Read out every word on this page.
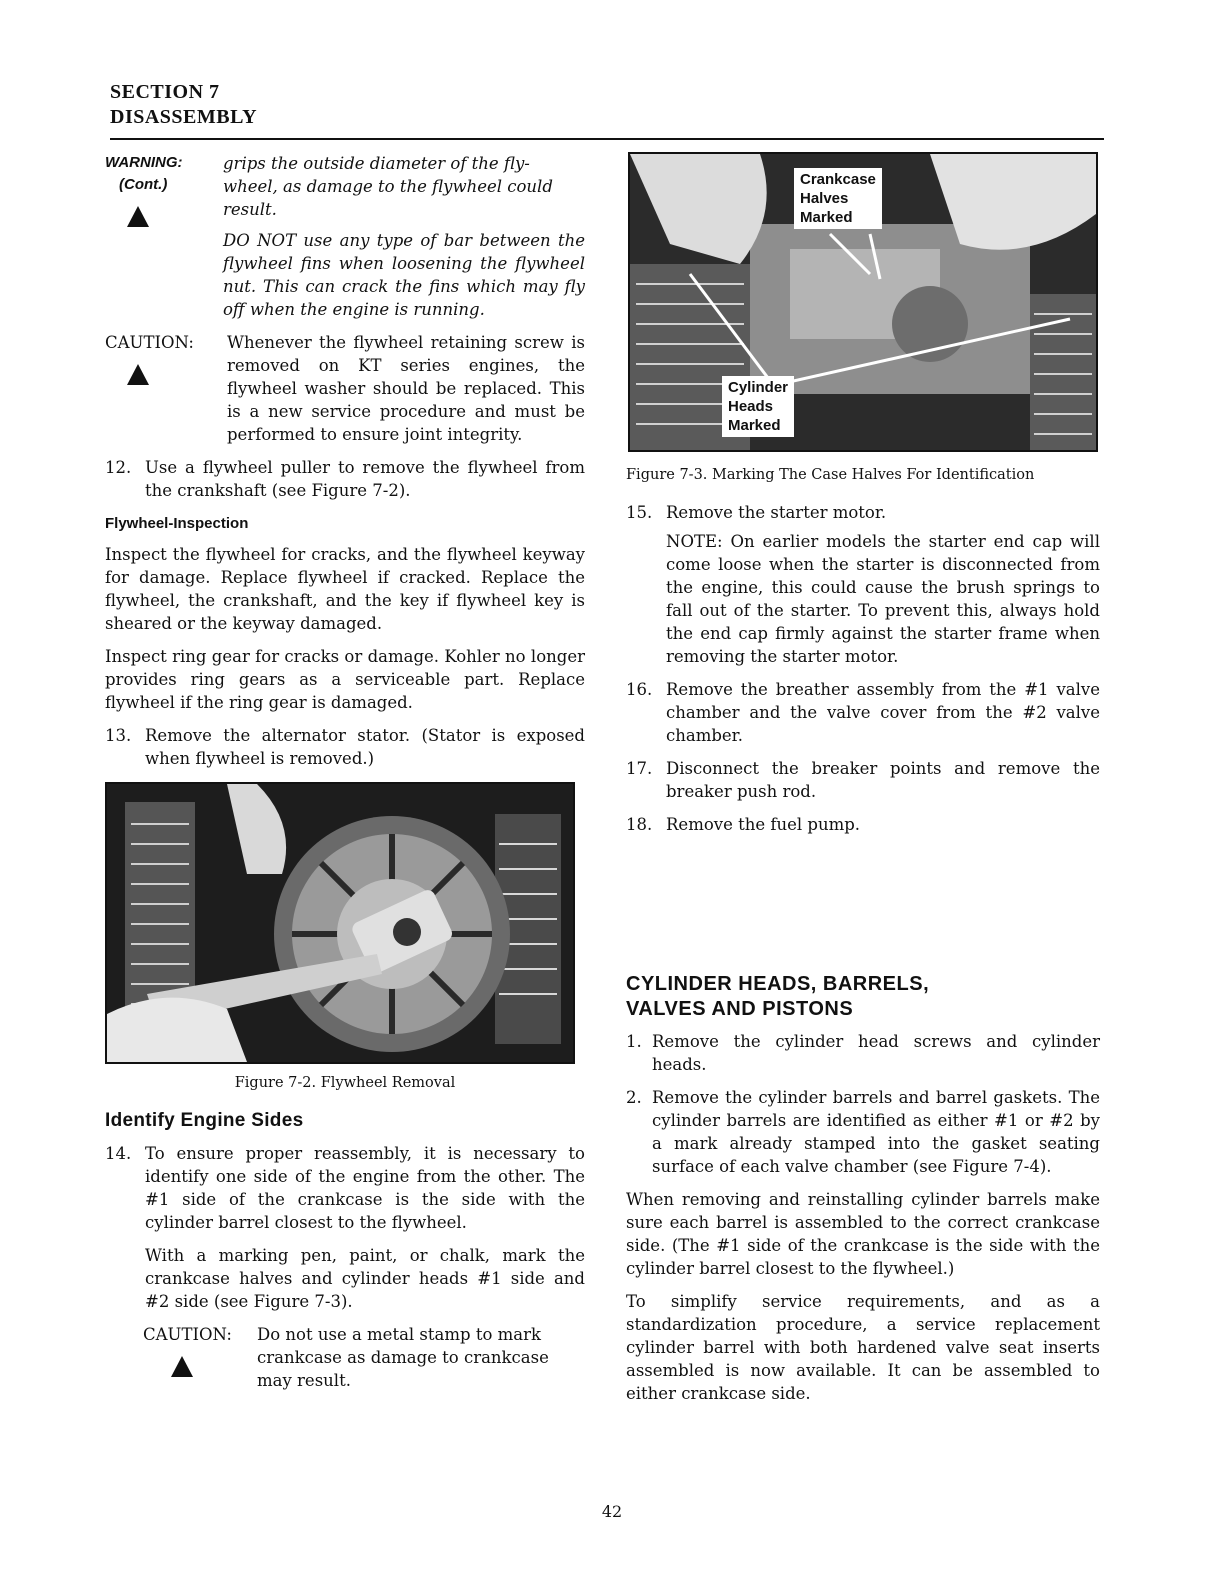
SECTION 7
DISASSEMBLY
WARNING:
(Cont.)
grips the outside diameter of the fly-
wheel, as damage to the flywheel could
result.
DO NOT use any type of bar between the flywheel fins when loosening the flywheel nut. This can crack the fins which may fly off when the engine is running.
CAUTION:	Whenever the flywheel retaining screw is removed on KT series engines, the flywheel washer should be replaced. This is a new service procedure and must be performed to ensure joint integrity.
12. Use a flywheel puller to remove the flywheel from the crankshaft (see Figure 7-2).
Flywheel-Inspection

Inspect the flywheel for cracks, and the flywheel keyway for damage. Replace flywheel if cracked. Replace the flywheel, the crankshaft, and the key if flywheel key is sheared or the keyway damaged.

Inspect ring gear for cracks or damage. Kohler no longer provides ring gears as a serviceable part. Replace flywheel if the ring gear is damaged.

13. Remove the alternator stator. (Stator is exposed when flywheel is removed.)
Figure 7-2. Flywheel Removal
Identify Engine Sides
14. To ensure proper reassembly, it is necessary to identify one side of the engine from the other. The #1 side of the crankcase is the side with the cylinder barrel closest to the flywheel.

With a marking pen, paint, or chalk, mark the crankcase halves and cylinder heads #1 side and #2 side (see Figure 7-3).

CAUTION:	Do not use a metal stamp to mark crankcase as damage to crankcase may result.
Crankcase
Halves
Marked
Cylinder
Heads
Marked
Figure 7-3. Marking The Case Halves For Identification
15. Remove the starter motor.

NOTE: On earlier models the starter end cap will come loose when the starter is disconnected from the engine, this could cause the brush springs to fall out of the starter. To prevent this, always hold the end cap firmly against the starter frame when removing the starter motor.

16. Remove the breather assembly from the #1 valve chamber and the valve cover from the #2 valve chamber.
17. Disconnect the breaker points and remove the breaker push rod.
18. Remove the fuel pump.
CYLINDER HEADS, BARRELS,
VALVES AND PISTONS
1. Remove the cylinder head screws and cylinder heads.
2. Remove the cylinder barrels and barrel gaskets. The cylinder barrels are identified as either #1 or #2 by a mark already stamped into the gasket seating surface of each valve chamber (see Figure 7-4).

When removing and reinstalling cylinder barrels make sure each barrel is assembled to the correct crankcase side. (The #1 side of the crankcase is the side with the cylinder barrel closest to the flywheel.)

To simplify service requirements, and as a standardization procedure, a service replacement cylinder barrel with both hardened valve seat inserts assembled is now available. It can be assembled to either crankcase side.

42
